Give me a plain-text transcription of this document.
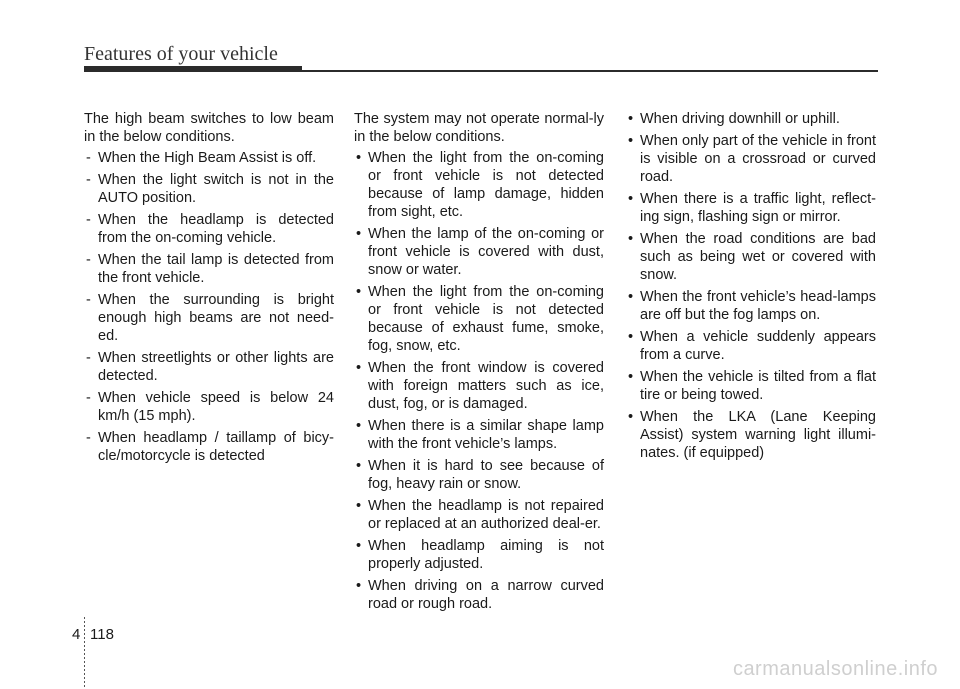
Features of your vehicle

The high beam switches to low beam in the below conditions.

- When the High Beam Assist is off.
- When the light switch is not in the AUTO position.
- When the headlamp is detected from the on-coming vehicle.
- When the tail lamp is detected from the front vehicle.
- When the surrounding is bright enough high beams are not need-ed.
- When streetlights or other lights are detected.
- When vehicle speed is below 24 km/h (15 mph).
- When headlamp / taillamp of bicy-cle/motorcycle is detected

The system may not operate normal-ly in the below conditions.

• When the light from the on-coming or front vehicle is not detected because of lamp damage, hidden from sight, etc.
• When the lamp of the on-coming or front vehicle is covered with dust, snow or water.
• When the light from the on-coming or front vehicle is not detected because of exhaust fume, smoke, fog, snow, etc.
• When the front window is covered with foreign matters such as ice, dust, fog, or is damaged.
• When there is a similar shape lamp with the front vehicle’s lamps.
• When it is hard to see because of fog, heavy rain or snow.
• When the headlamp is not repaired or replaced at an authorized deal-er.
• When headlamp aiming is not properly adjusted.
• When driving on a narrow curved road or rough road.
• When driving downhill or uphill.
• When only part of the vehicle in front is visible on a crossroad or curved road.
• When there is a traffic light, reflect-ing sign, flashing sign or mirror.
• When the road conditions are bad such as being wet or covered with snow.
• When the front vehicle’s head-lamps are off but the fog lamps on.
• When a vehicle suddenly appears from a curve.
• When the vehicle is tilted from a flat tire or being towed.
• When the LKA (Lane Keeping Assist) system warning light illumi-nates. (if equipped)
4 118
carmanualsonline.info
